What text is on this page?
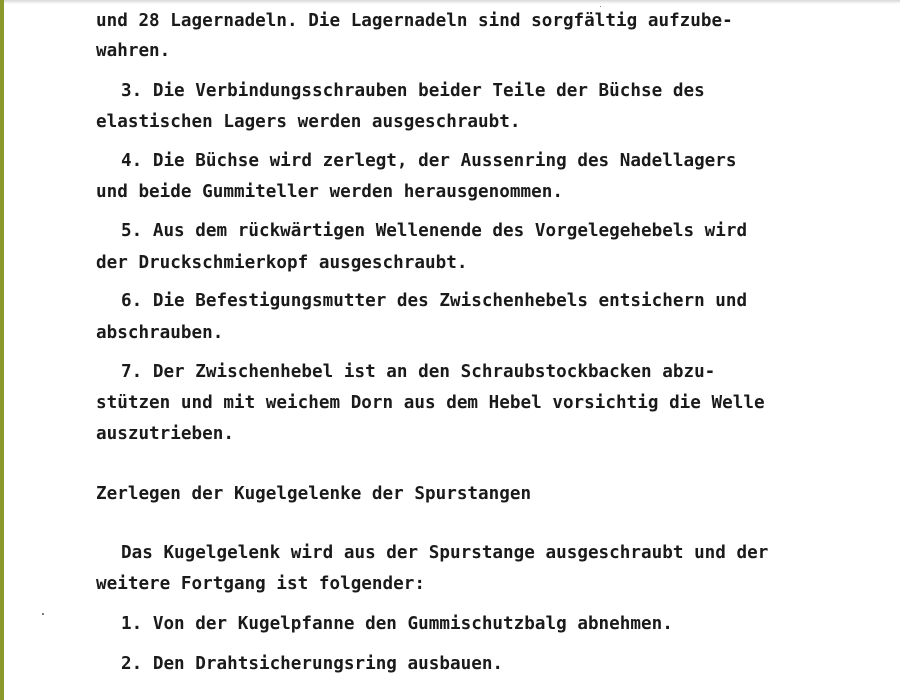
und 28 Lagernadeln. Die Lagernadeln sind sorgfältig aufzube-
wahren.
3. Die Verbindungsschrauben beider Teile der Büchse des
elastischen Lagers werden ausgeschraubt.
4. Die Büchse wird zerlegt, der Aussenring des Nadellagers
und beide Gummiteller werden herausgenommen.
5. Aus dem rückwärtigen Wellenende des Vorgelegehebels wird
der Druckschmierkopf ausgeschraubt.
6. Die Befestigungsmutter des Zwischenhebels entsichern und
abschrauben.
7. Der Zwischenhebel ist an den Schraubstockbacken abzu-
stützen und mit weichem Dorn aus dem Hebel vorsichtig die Welle
auszutrieben.
Zerlegen der Kugelgelenke der Spurstangen
Das Kugelgelenk wird aus der Spurstange ausgeschraubt und der
weitere Fortgang ist folgender:
1. Von der Kugelpfanne den Gummischutzbalg abnehmen.
2. Den Drahtsicherungsring ausbauen.
